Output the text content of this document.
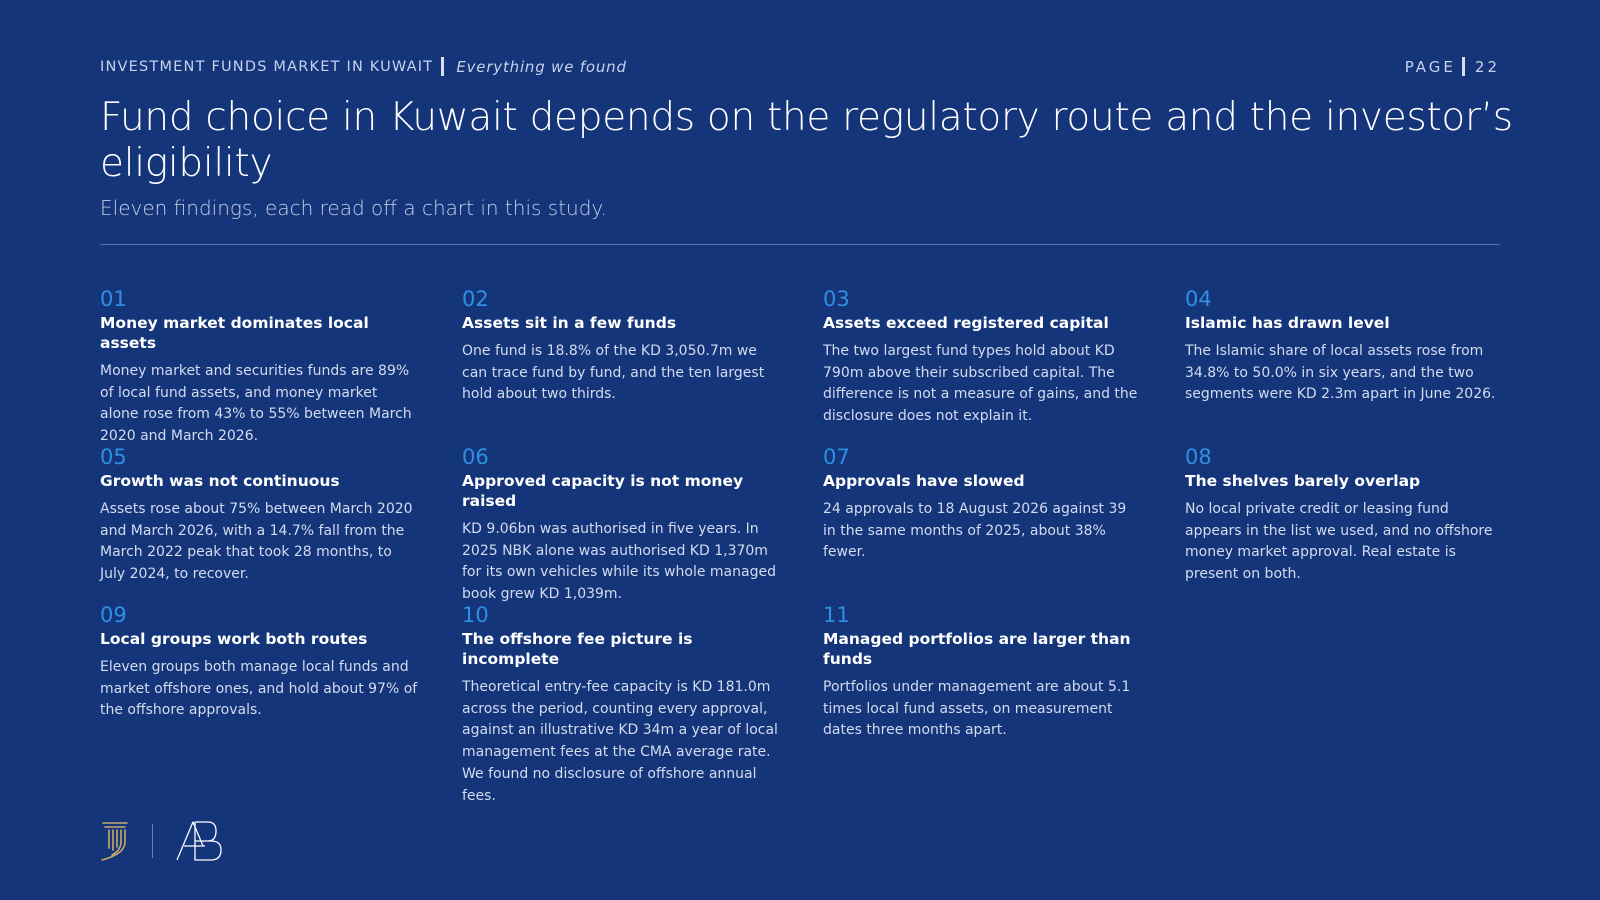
INVESTMENT FUNDS MARKET IN KUWAIT Everything we found	PAGE 22
Fund choice in Kuwait depends on the regulatory route and the investor’s eligibility

Eleven findings, each read off a chart in this study.

01
Money market dominates local assets

Money market and securities funds are 89% of local fund assets, and money market alone rose from 43% to 55% between March 2020 and March 2026.

02
Assets sit in a few funds

One fund is 18.8% of the KD 3,050.7m we can trace fund by fund, and the ten largest hold about two thirds.

03
Assets exceed registered capital

The two largest fund types hold about KD 790m above their subscribed capital. The difference is not a measure of gains, and the disclosure does not explain it.

04
Islamic has drawn level

The Islamic share of local assets rose from 34.8% to 50.0% in six years, and the two segments were KD 2.3m apart in June 2026.

05
Growth was not continuous

Assets rose about 75% between March 2020 and March 2026, with a 14.7% fall from the March 2022 peak that took 28 months, to July 2024, to recover.

06
Approved capacity is not money raised

KD 9.06bn was authorised in five years. In 2025 NBK alone was authorised KD 1,370m for its own vehicles while its whole managed book grew KD 1,039m.

07
Approvals have slowed

24 approvals to 18 August 2026 against 39 in the same months of 2025, about 38% fewer.

08
The shelves barely overlap

No local private credit or leasing fund appears in the list we used, and no offshore money market approval. Real estate is present on both.

09
Local groups work both routes

Eleven groups both manage local funds and market offshore ones, and hold about 97% of the offshore approvals.

10
The offshore fee picture is incomplete

Theoretical entry-fee capacity is KD 181.0m across the period, counting every approval, against an illustrative KD 34m a year of local management fees at the CMA average rate. We found no disclosure of offshore annual fees.

11
Managed portfolios are larger than funds

Portfolios under management are about 5.1 times local fund assets, on measurement dates three months apart.
